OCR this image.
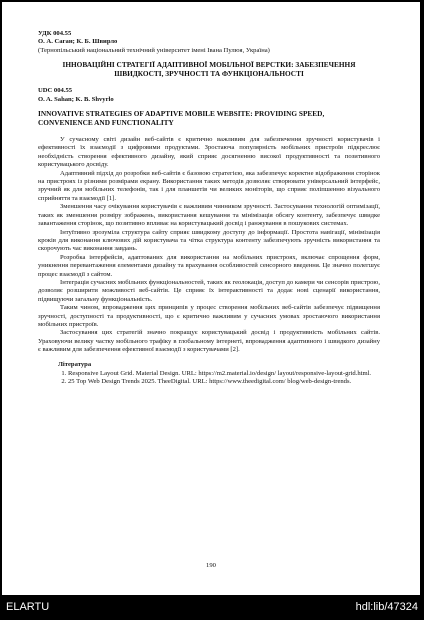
УДК 004.55

О. А. Саган; К. Б. Швирло

(Тернопільський національний технічний університет імені Івана Пулюя, Україна)

ІННОВАЦІЙНІ СТРАТЕГІЇ АДАПТИВНОЇ МОБІЛЬНОЇ ВЕРСТКИ: ЗАБЕЗПЕЧЕННЯ ШВИДКОСТІ, ЗРУЧНОСТІ ТА ФУНКЦІОНАЛЬНОСТІ

UDC 004.55

O. A. Sahan; K. B. Shvyrlo

INNOVATIVE STRATEGIES OF ADAPTIVE MOBILE WEBSITE: PROVIDING SPEED, CONVENIENCE AND FUNCTIONALITY

У сучасному світі дизайн веб-сайтів є критично важливим для забезпечення зручності користувачів і ефективності їх взаємодії з цифровими продуктами. Зростаюча популярність мобільних пристроїв підкреслює необхідність створення ефективного дизайну, який сприяє досягненню високої продуктивності та позитивного користувацького досвіду.

Адаптивний підхід до розробки веб-сайтів є базовою стратегією, яка забезпечує коректне відображення сторінок на пристроях із різними розмірами екрану. Використання таких методів дозволяє створювати універсальний інтерфейс, зручний як для мобільних телефонів, так і для планшетів чи великих моніторів, що сприяє поліпшенню візуального сприйняття та взаємодії [1].

Зменшення часу очікування користувачів є важливим чинником зручності. Застосування технологій оптимізації, таких як зменшення розміру зображень, використання кешування та мінімізація обсягу контенту, забезпечує швидке завантаження сторінок, що позитивно впливає на користувацький досвід і ранжування в пошукових системах.

Інтуїтивно зрозуміла структура сайту сприяє швидкому доступу до інформації. Простота навігації, мінімізація кроків для виконання ключових дій користувача та чітка структура контенту забезпечують зручність використання та скорочують час виконання завдань.

Розробка інтерфейсів, адаптованих для використання на мобільних пристроях, включає спрощення форм, уникнення перевантаження елементами дизайну та врахування особливостей сенсорного введення. Це значно полегшує процес взаємодії з сайтом.

Інтеграція сучасних мобільних функціональностей, таких як геолокація, доступ до камери чи сенсорів пристрою, дозволяє розширити можливості веб-сайтів. Це сприяє їх інтерактивності та додає нові сценарії використання, підвищуючи загальну функціональність.

Таким чином, впровадження цих принципів у процес створення мобільних веб-сайтів забезпечує підвищення зручності, доступності та продуктивності, що є критично важливим у сучасних умовах зростаючого використання мобільних пристроїв.

Застосування цих стратегій значно покращує користувацький досвід і продуктивність мобільних сайтів. Ураховуючи велику частку мобільного трафіку в глобальному інтернеті, впровадження адаптивного і швидкого дизайну є важливим для забезпечення ефективної взаємодії з користувачами [2].

Література

1. Responsive Layout Grid. Material Design. URL: https://m2.material.io/design/ layout/responsive-layout-grid.html.
2. 25 Top Web Design Trends 2025. TheeDigital. URL: https://www.theedigital.com/ blog/web-design-trends.
190
ELARTU	hdl:lib/47324
